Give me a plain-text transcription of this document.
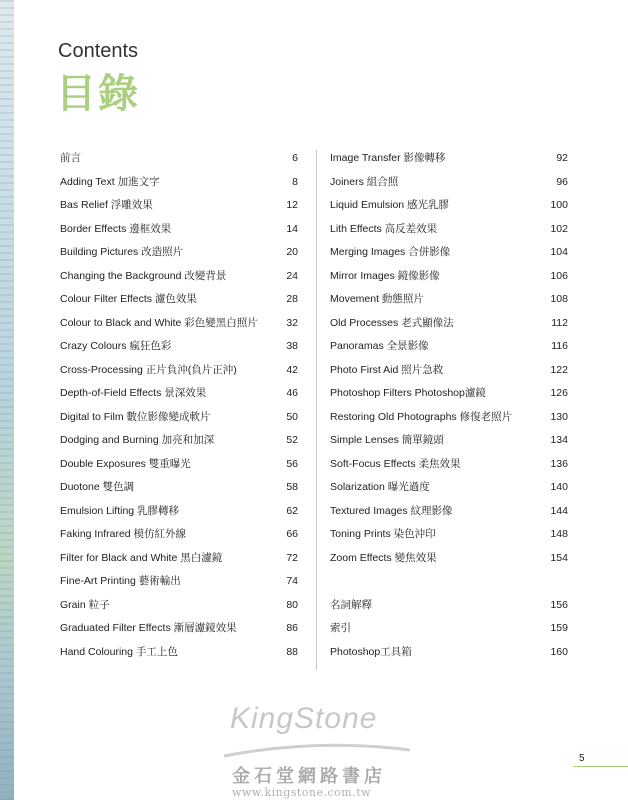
Contents
目錄
前言	6
Adding Text 加進文字	8
Bas Relief 浮雕效果	12
Border Effects 邊框效果	14
Building Pictures 改造照片	20
Changing the Background 改變背景	24
Colour Filter Effects 濾色效果	28
Colour to Black and White 彩色變黑白照片	32
Crazy Colours 瘋狂色彩	38
Cross-Processing 正片負沖(負片正沖)	42
Depth-of-Field Effects 景深效果	46
Digital to Film 數位影像變成軟片	50
Dodging and Burning 加亮和加深	52
Double Exposures 雙重曝光	56
Duotone 雙色調	58
Emulsion Lifting 乳膠轉移	62
Faking Infrared 模仿紅外線	66
Filter for Black and White 黑白濾鏡	72
Fine-Art Printing 藝術輸出	74
Grain 粒子	80
Graduated Filter Effects 漸層濾鏡效果	86
Hand Colouring 手工上色	88
Image Transfer 影像轉移	92
Joiners 組合照	96
Liquid Emulsion 感光乳膠	100
Lith Effects 高反差效果	102
Merging Images 合併影像	104
Mirror Images 鏡像影像	106
Movement 動態照片	108
Old Processes 老式顯像法	112
Panoramas 全景影像	116
Photo First Aid 照片急救	122
Photoshop Filters Photoshop濾鏡	126
Restoring Old Photographs 修復老照片	130
Simple Lenses 簡單鏡頭	134
Soft-Focus Effects 柔焦效果	136
Solarization 曝光過度	140
Textured Images 紋理影像	144
Toning Prints 染色沖印	148
Zoom Effects 變焦效果	154
名詞解釋	156
索引	159
Photoshop工具箱	160
KingStone
金石堂網路書店
www.kingstone.com.tw
5
